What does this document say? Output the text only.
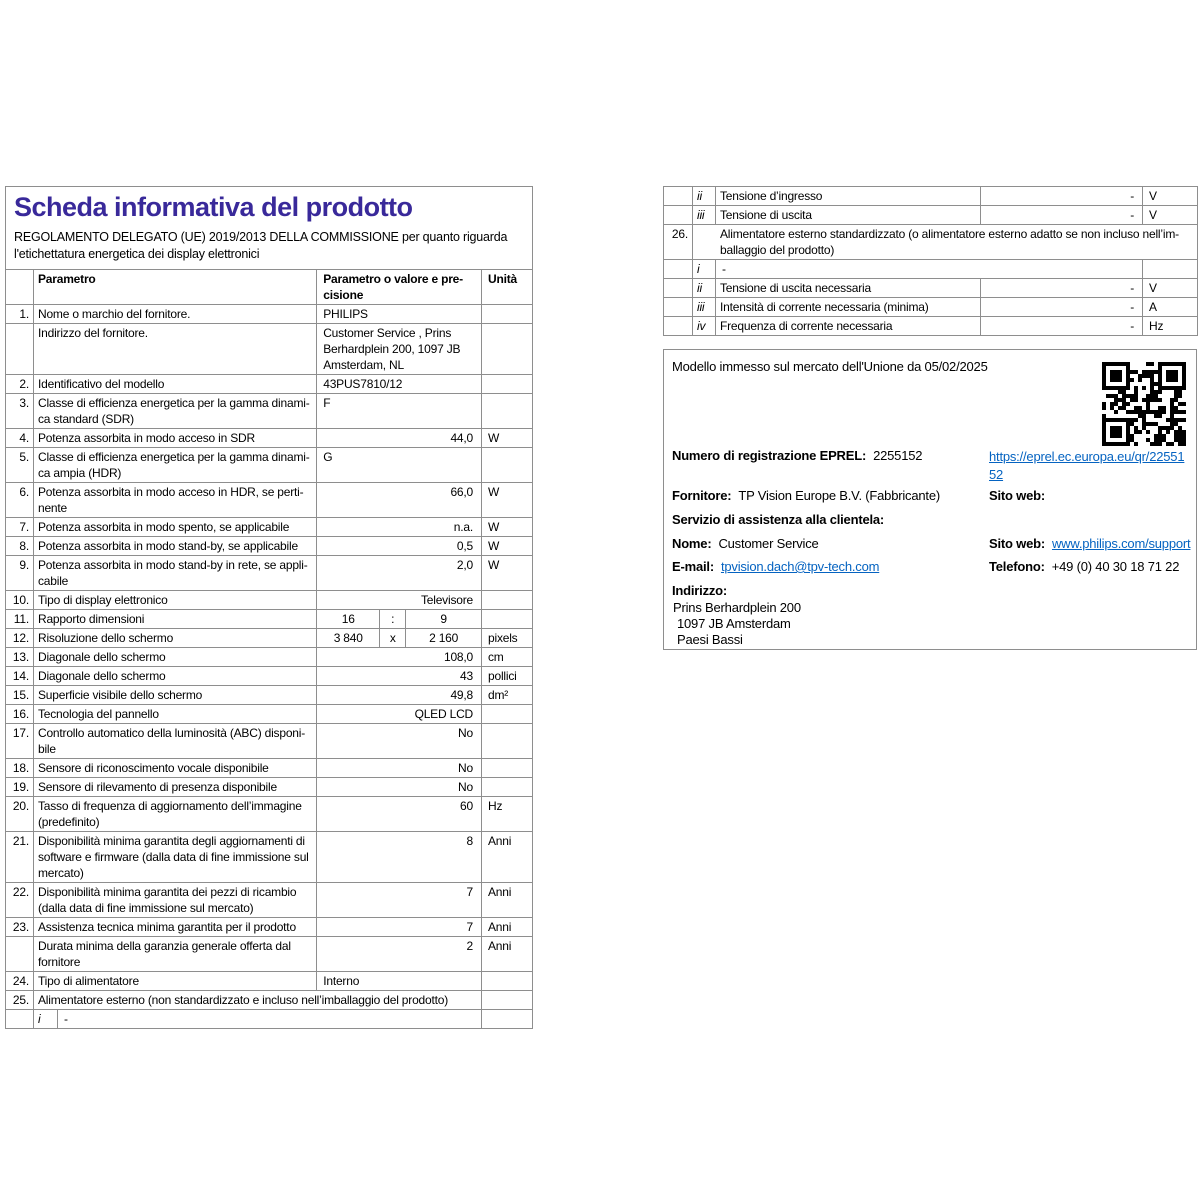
Scheda informativa del prodotto
REGOLAMENTO DELEGATO (UE) 2019/2013 DELLA COMMISSIONE per quanto riguarda l'etichettatura energetica dei display elettronici				

	Parametro		Parametro o valore e precisione	Unità
1.	Nome o marchio del fornitore.		PHILIPS	
	Indirizzo del fornitore.		Customer Service , Prins Berhardplein 200, 1097 JB Amsterdam, NL	
2.	Identificativo del modello		43PUS7810/12	
3.	Classe di efficienza energetica per la gamma dinamica standard (SDR)		F	
4.	Potenza assorbita in modo acceso in SDR		44,0	W
5.	Classe di efficienza energetica per la gamma dinamica ampia (HDR)		G	
6.	Potenza assorbita in modo acceso in HDR, se pertinente		66,0	W
7.	Potenza assorbita in modo spento, se applicabile		n.a.	W
8.	Potenza assorbita in modo stand-by, se applicabile		0,5	W
9.	Potenza assorbita in modo stand-by in rete, se applicabile		2,0	W
10.	Tipo di display elettronico		Televisore	
11.	Rapporto dimensioni		16 : 9	

12.	Risoluzione dello schermo		3 840 x 2 160	pixels
13.	Diagonale dello schermo		108,0	cm
14.	Diagonale dello schermo		43	pollici
15.	Superficie visibile dello schermo		49,8	dm²
16.	Tecnologia del pannello		QLED LCD	
17.	Controllo automatico della luminosità (ABC) disponibile		No	
18.	Sensore di riconoscimento vocale disponibile		No	
19.	Sensore di rilevamento di presenza disponibile		No	
20.	Tasso di frequenza di aggiornamento dell’immagine (predefinito)		60	Hz
21.	Disponibilità minima garantita degli aggiornamenti di software e firmware (dalla data di fine immissione sul mercato)		8	Anni
22.	Disponibilità minima garantita dei pezzi di ricambio (dalla data di fine immissione sul mercato)		7	Anni
23.	Assistenza tecnica minima garantita per il prodotto		7	Anni
	Durata minima della garanzia generale offerta dal fornitore		2	Anni
24.	Tipo di alimentatore		Interno	
25.	Alimentatore esterno (non standardizzato e incluso nell’imballaggio del prodotto)			
	i	-		
	ii	Tensione d’ingresso	-	V
	iii	Tensione di uscita	-	V
26.	Alimentatore esterno standardizzato (o alimentatore esterno adatto se non incluso nell’imballaggio del prodotto)			
	i	-		
	ii	Tensione di uscita necessaria	-	V
	iii	Intensità di corrente necessaria (minima)	-	A
	iv	Frequenza di corrente necessaria	-	Hz
Modello immesso sul mercato dell'Unione da 05/02/2025
Numero di registrazione EPREL: 2255152	https://eprel.ec.europa.eu/qr/2255152
Fornitore: TP Vision Europe B.V. (Fabbricante)	Sito web:
Servizio di assistenza alla clientela:
Nome: Customer Service	Sito web: www.philips.com/support
E-mail: tpvision.dach@tpv-tech.com	Telefono: +49 (0) 40 30 18 71 22
Indirizzo:
Prins Berhardplein 200
1097 JB Amsterdam
Paesi Bassi
